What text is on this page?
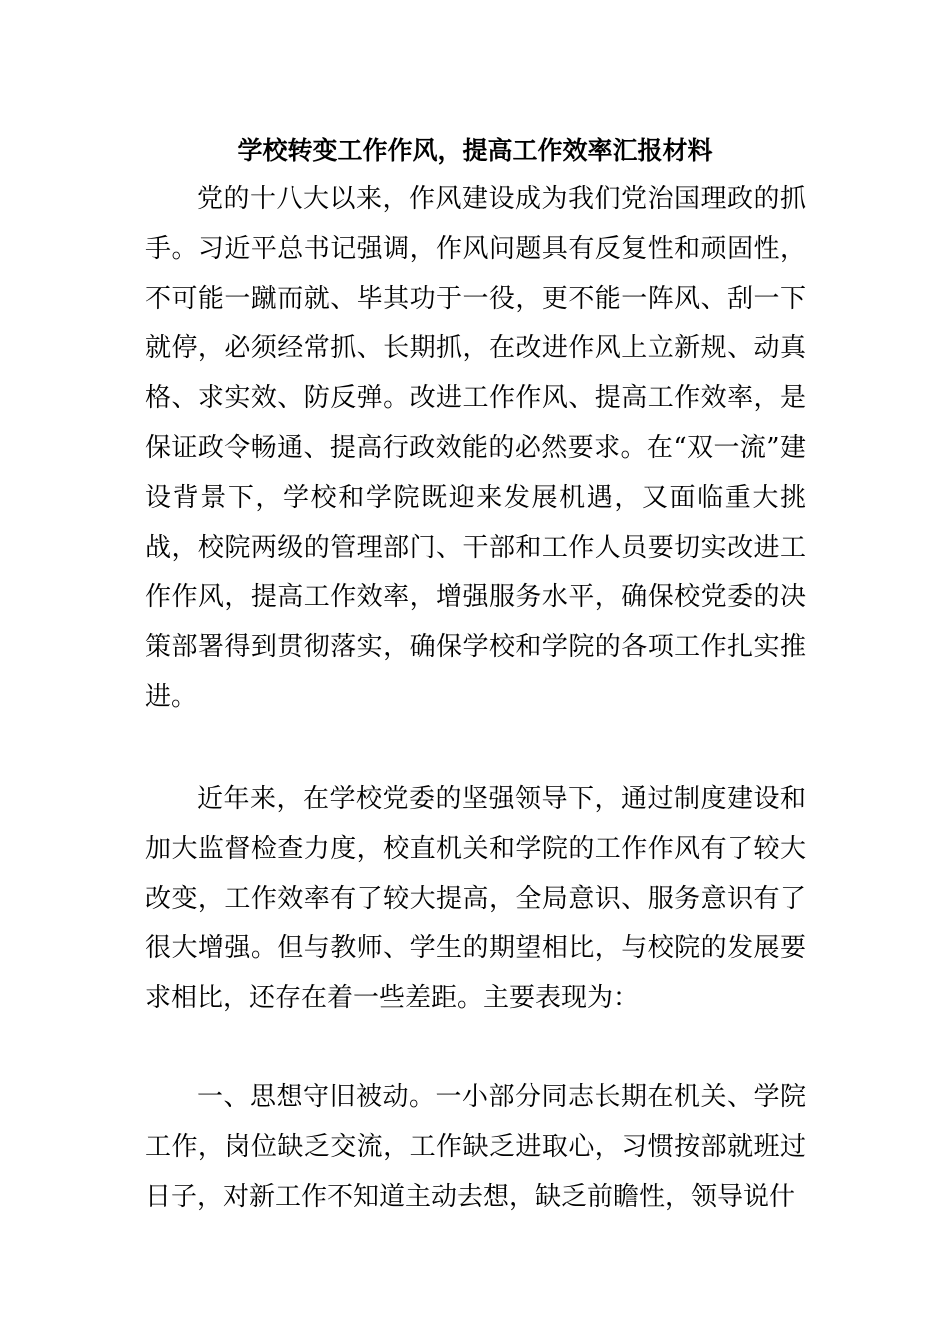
学校转变工作作风，提高工作效率汇报材料

党的十八大以来，作风建设成为我们党治国理政的抓手。习近平总书记强调，作风问题具有反复性和顽固性，不可能一蹴而就、毕其功于一役，更不能一阵风、刮一下就停，必须经常抓、长期抓，在改进作风上立新规、动真格、求实效、防反弹。改进工作作风、提高工作效率，是保证政令畅通、提高行政效能的必然要求。在“双一流”建设背景下，学校和学院既迎来发展机遇，又面临重大挑战，校院两级的管理部门、干部和工作人员要切实改进工作作风，提高工作效率，增强服务水平，确保校党委的决策部署得到贯彻落实，确保学校和学院的各项工作扎实推进。

近年来，在学校党委的坚强领导下，通过制度建设和加大监督检查力度，校直机关和学院的工作作风有了较大改变，工作效率有了较大提高，全局意识、服务意识有了很大增强。但与教师、学生的期望相比，与校院的发展要求相比，还存在着一些差距。主要表现为：

一、思想守旧被动。一小部分同志长期在机关、学院工作，岗位缺乏交流，工作缺乏进取心，习惯按部就班过日子，对新工作不知道主动去想，缺乏前瞻性，领导说什
